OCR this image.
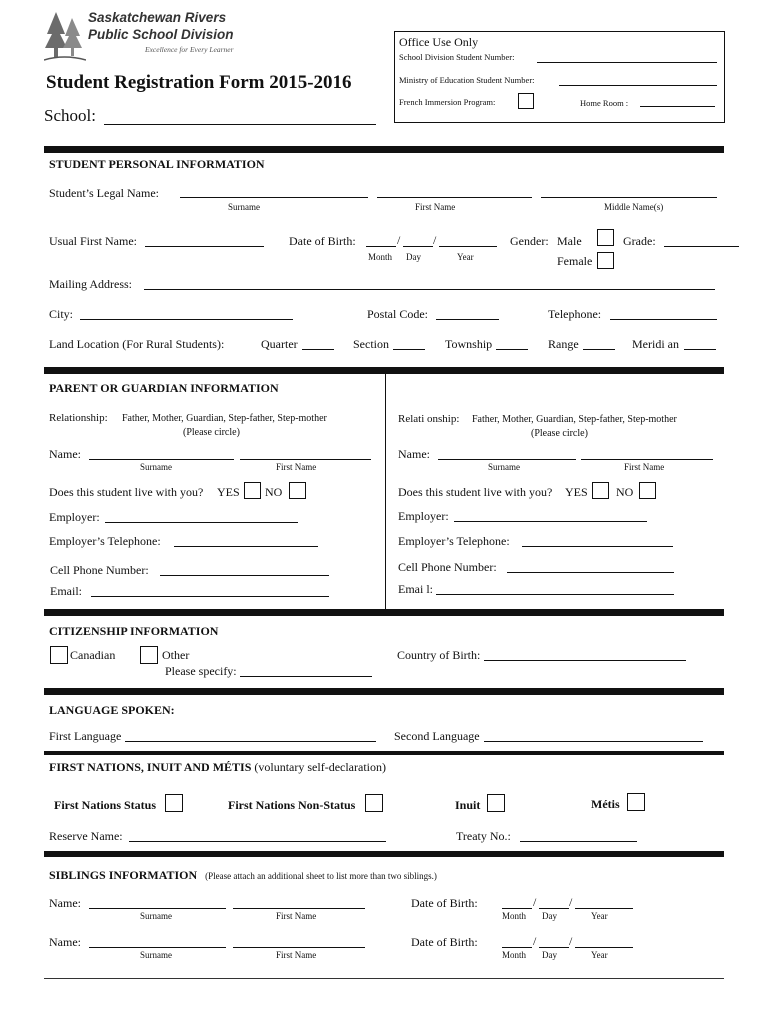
Saskatchewan Rivers
Public School Division
Excellence for Every Learner
Student Registration Form 2015-2016
School:
Office Use Only
School Division Student Number:
Ministry of Education Student Number:
French Immersion Program:	Home Room :
STUDENT PERSONAL INFORMATION
Student’s Legal Name:
Surname	First Name	Middle Name(s)
Usual First Name:	Date of Birth:	/	/
Month Day	Year
Gender: Male
Female
Grade:
Mailing Address:
City:	Postal Code:	Telephone:
Land Location (For Rural Students):	Quarter	Section	Township	Range	Meridi an
PARENT OR GUARDIAN INFORMATION
Relationship: Father, Mother, Guardian, Step-father, Step-mother
(Please circle)
Name:
Surname	First Name
Does this student live with you? YES NO
Employer:
Employer’s Telephone:
Cell Phone Number:
Email:
Relati onship: Father, Mother, Guardian, Step-father, Step-mother
(Please circle)
Name:
Surname	First Name
Does this student live with you? YES NO
Employer:
Employer’s Telephone:
Cell Phone Number:
Emai l:
CITIZENSHIP INFORMATION
Canadian	Other
Please specify:
Country of Birth:
LANGUAGE SPOKEN:
First Language	Second Language
FIRST NATIONS, INUIT AND MÉTIS (voluntary self-declaration)
First Nations Status	First Nations Non-Status	Inuit	Métis
Reserve Name:	Treaty No.:
SIBLINGS INFORMATION (Please attach an additional sheet to list more than two siblings.)
Name:
Surname	First Name
Date of Birth:	/	/
Month Day	Year
Name:
Surname	First Name
Date of Birth:	/	/
Month Day	Year
